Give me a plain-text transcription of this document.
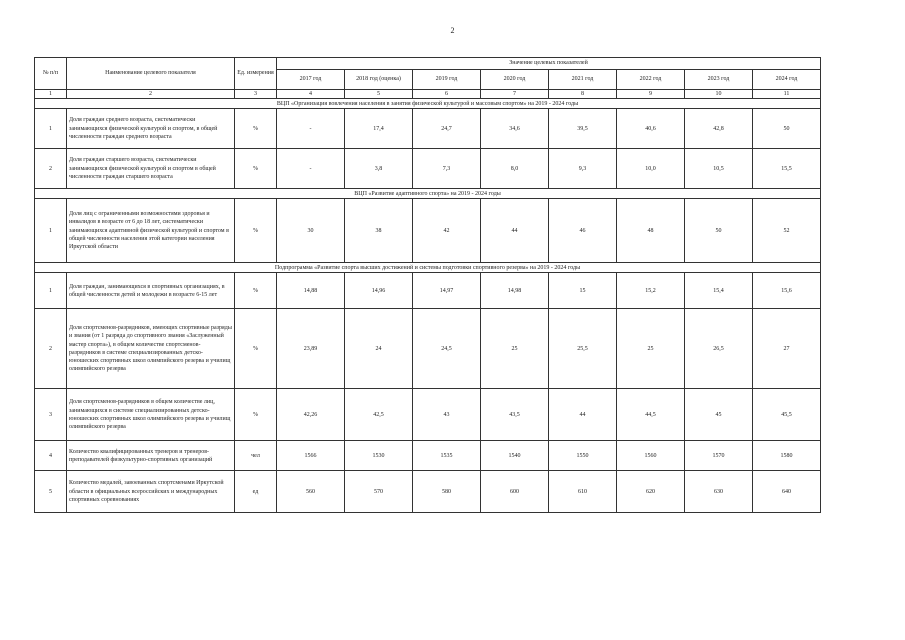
2
№ п/п	Наименование целевого показателя	Ед. измерения	Значение целевых показателей							
			2017 год	2018 год (оценка)	2019 год	2020 год	2021 год	2022 год	2023 год	2024 год
1	2	3	4	5	6	7	8	9	10	11
ВЦП «Организация вовлечения населения в занятия физической культурой и массовым спортом» на 2019 - 2024 годы										
1	Доля граждан среднего возраста, систематически занимающихся физической культурой и спортом, в общей численности граждан среднего возраста	%	-	17,4	24,7	34,6	39,5	40,6	42,8	50
2	Доля граждан старшего возраста, систематически занимающихся физической культурой и спортом в общей численности граждан старшего возраста	%	-	3,8	7,3	8,0	9,3	10,0	10,5	15,5
ВЦП «Развитие адаптивного спорта» на 2019 - 2024 годы										
1	Доля лиц с ограниченными возможностями здоровья и инвалидов в возрасте от 6 до 18 лет, систематически занимающихся адаптивной физической культурой и спортом в общей численности населения этой категории населения Иркутской области	%	30	38	42	44	46	48	50	52
Подпрограмма «Развитие спорта высших достижений и системы подготовки спортивного резерва» на 2019 - 2024 годы										
1	Доля граждан, занимающихся в спортивных организациях, в общей численности детей и молодежи в возрасте 6-15 лет	%	14,88	14,96	14,97	14,98	15	15,2	15,4	15,6
2	Доля спортсменов-разрядников, имеющих спортивные разряды и звания (от 1 разряда до спортивного звания «Заслуженный мастер спорта»), в общем количестве спортсменов-разрядников в системе специализированных детско-юношеских спортивных школ олимпийского резерва и училищ олимпийского резерва	%	23,89	24	24,5	25	25,5	25	26,5	27
3	Доля спортсменов-разрядников в общем количестве лиц, занимающихся в системе специализированных детско-юношеских спортивных школ олимпийского резерва и училищ олимпийского резерва	%	42,26	42,5	43	43,5	44	44,5	45	45,5
4	Количество квалифицированных тренеров и тренеров-преподавателей физкультурно-спортивных организаций	чел	1566	1530	1535	1540	1550	1560	1570	1580
5	Количество медалей, завоеванных спортсменами Иркутской области в официальных всероссийских и международных спортивных соревнованиях	ед	560	570	580	600	610	620	630	640
